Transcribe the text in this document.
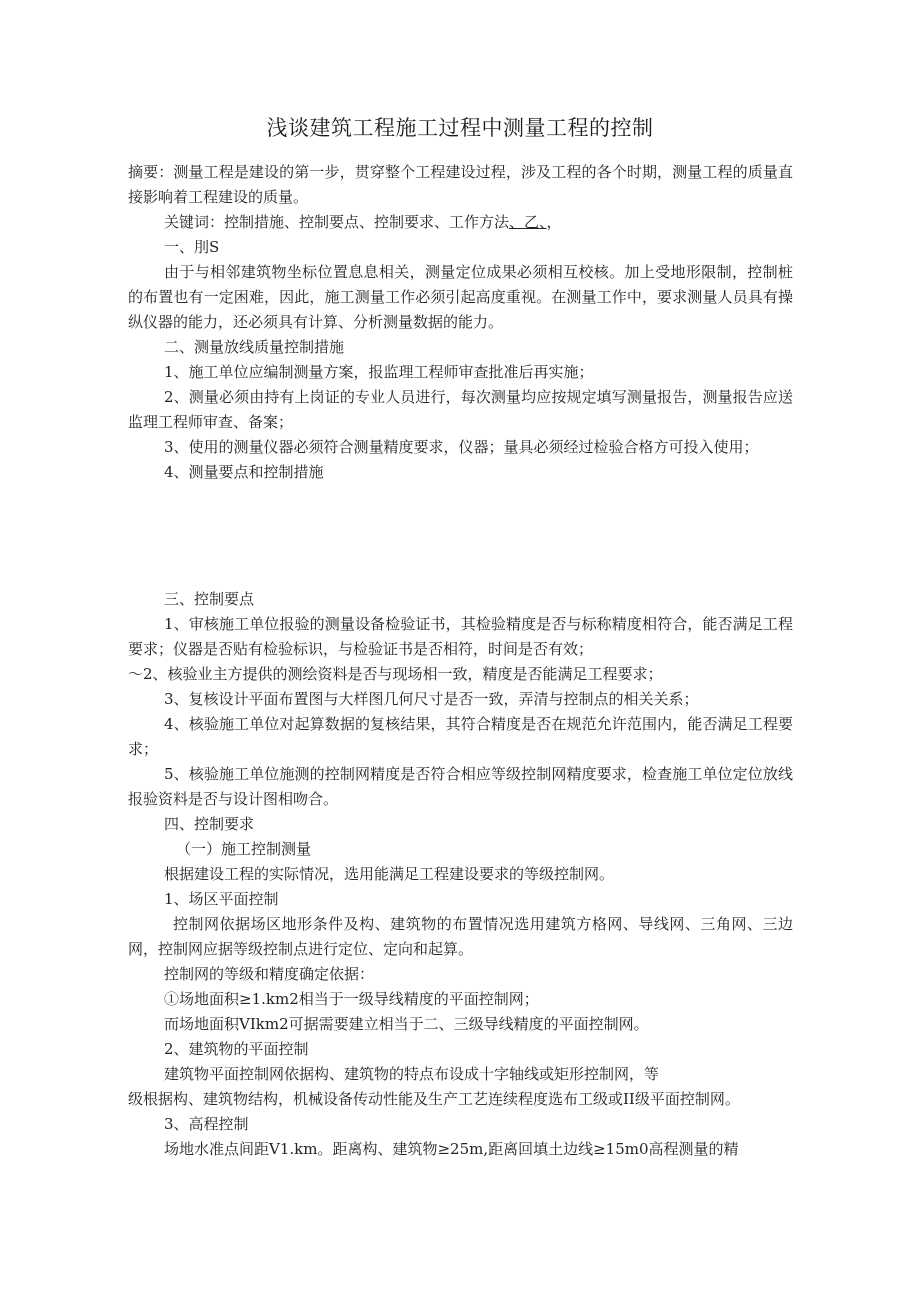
浅谈建筑工程施工过程中测量工程的控制

摘要：测量工程是建设的第一步，贯穿整个工程建设过程，涉及工程的各个时期，测量工程的质量直接影响着工程建设的质量。

关键词：控制措施、控制要点、控制要求、工作方法、乙、，

一、刖S

由于与相邻建筑物坐标位置息息相关，测量定位成果必须相互校核。加上受地形限制，控制桩的布置也有一定困难，因此，施工测量工作必须引起高度重视。在测量工作中，要求测量人员具有操纵仪器的能力，还必须具有计算、分析测量数据的能力。

二、测量放线质量控制措施

1、施工单位应编制测量方案，报监理工程师审查批准后再实施；

2、测量必须由持有上岗证的专业人员进行，每次测量均应按规定填写测量报告，测量报告应送监理工程师审查、备案；

3、使用的测量仪器必须符合测量精度要求，仪器；量具必须经过检验合格方可投入使用；

4、测量要点和控制措施

三、控制要点

1、审核施工单位报验的测量设备检验证书，其检验精度是否与标称精度相符合，能否满足工程要求；仪器是否贴有检验标识，与检验证书是否相符，时间是否有效；

〜2、核验业主方提供的测绘资料是否与现场相一致，精度是否能满足工程要求；

3、复核设计平面布置图与大样图几何尺寸是否一致，弄清与控制点的相关关系；

4、核验施工单位对起算数据的复核结果，其符合精度是否在规范允许范围内，能否满足工程要求；

5、核验施工单位施测的控制网精度是否符合相应等级控制网精度要求，检查施工单位定位放线报验资料是否与设计图相吻合。

四、控制要求

（一）施工控制测量

根据建设工程的实际情况，选用能满足工程建设要求的等级控制网。

1、场区平面控制

控制网依据场区地形条件及构、建筑物的布置情况选用建筑方格网、导线网、三角网、三边网，控制网应据等级控制点进行定位、定向和起算。

控制网的等级和精度确定依据：

①场地面积≥1.km2相当于一级导线精度的平面控制网；

而场地面积VIkm2可据需要建立相当于二、三级导线精度的平面控制网。

2、建筑物的平面控制

建筑物平面控制网依据构、建筑物的特点布设成十字轴线或矩形控制网，等

级根据构、建筑物结构，机械设备传动性能及生产工艺连续程度选布工级或II级平面控制网。

3、高程控制

场地水准点间距V1.km。距离构、建筑物≥25m,距离回填土边线≥15m0高程测量的精
